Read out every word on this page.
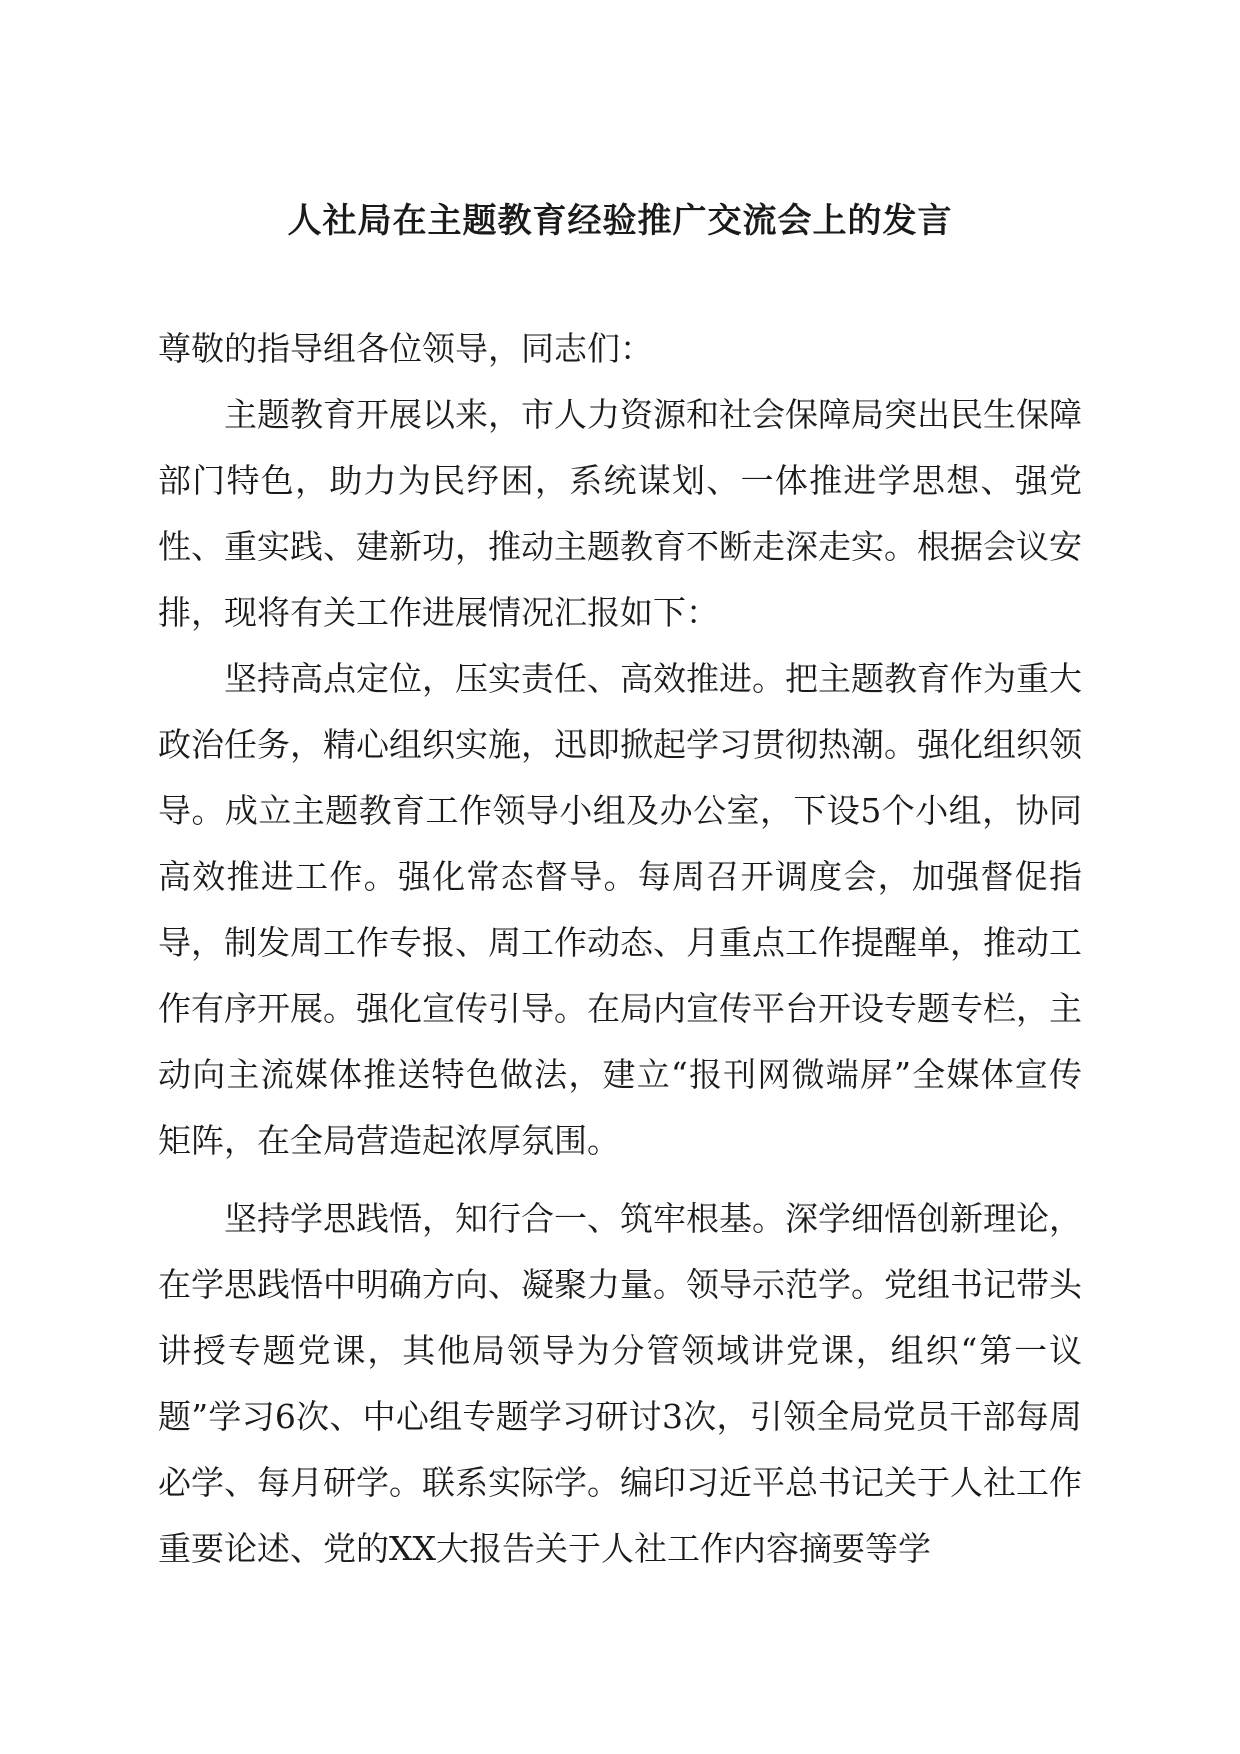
人社局在主题教育经验推广交流会上的发言

尊敬的指导组各位领导，同志们：

主题教育开展以来，市人力资源和社会保障局突出民生保障部门特色，助力为民纾困，系统谋划、一体推进学思想、强党性、重实践、建新功，推动主题教育不断走深走实。根据会议安排，现将有关工作进展情况汇报如下：

坚持高点定位，压实责任、高效推进。把主题教育作为重大政治任务，精心组织实施，迅即掀起学习贯彻热潮。强化组织领导。成立主题教育工作领导小组及办公室，下设5个小组，协同高效推进工作。强化常态督导。每周召开调度会，加强督促指导，制发周工作专报、周工作动态、月重点工作提醒单，推动工作有序开展。强化宣传引导。在局内宣传平台开设专题专栏，主动向主流媒体推送特色做法，建立“报刊网微端屏”全媒体宣传矩阵，在全局营造起浓厚氛围。

坚持学思践悟，知行合一、筑牢根基。深学细悟创新理论，在学思践悟中明确方向、凝聚力量。领导示范学。党组书记带头讲授专题党课，其他局领导为分管领域讲党课，组织“第一议题”学习6次、中心组专题学习研讨3次，引领全局党员干部每周必学、每月研学。联系实际学。编印习近平总书记关于人社工作重要论述、党的XX大报告关于人社工作内容摘要等学
